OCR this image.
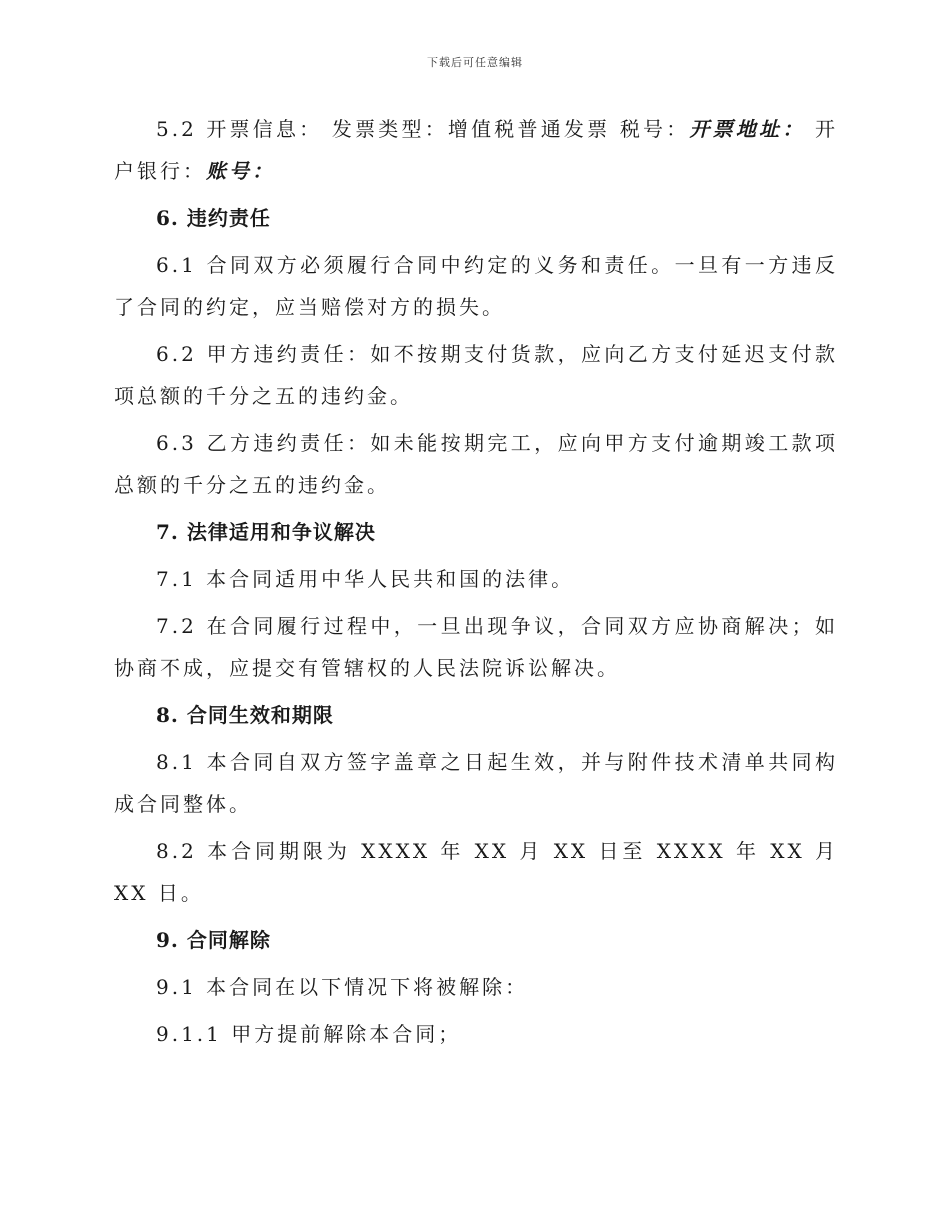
下载后可任意编辑

5.2 开票信息： 发票类型：增值税普通发票 税号：开票地址： 开户银行：账号：

6. 违约责任

6.1 合同双方必须履行合同中约定的义务和责任。一旦有一方违反了合同的约定，应当赔偿对方的损失。

6.2 甲方违约责任：如不按期支付货款，应向乙方支付延迟支付款项总额的千分之五的违约金。

6.3 乙方违约责任：如未能按期完工，应向甲方支付逾期竣工款项总额的千分之五的违约金。

7. 法律适用和争议解决

7.1 本合同适用中华人民共和国的法律。

7.2 在合同履行过程中，一旦出现争议，合同双方应协商解决；如协商不成，应提交有管辖权的人民法院诉讼解决。

8. 合同生效和期限

8.1 本合同自双方签字盖章之日起生效，并与附件技术清单共同构成合同整体。

8.2 本合同期限为 XXXX 年 XX 月 XX 日至 XXXX 年 XX 月 XX 日。

9. 合同解除

9.1 本合同在以下情况下将被解除：

9.1.1 甲方提前解除本合同；
